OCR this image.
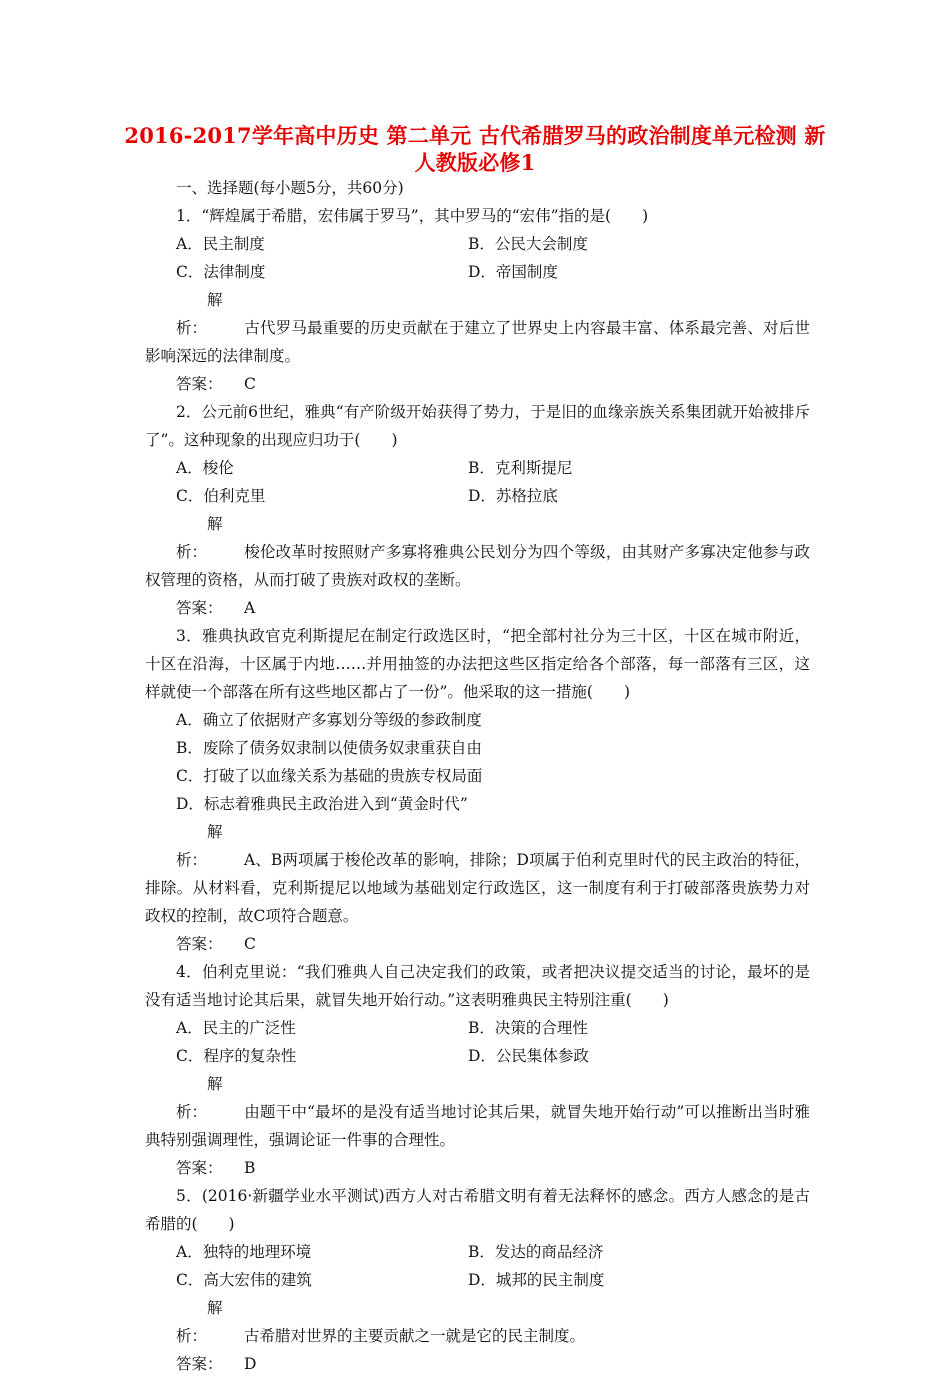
2016-2017学年高中历史 第二单元 古代希腊罗马的政治制度单元检测 新人教版必修1
一、选择题(每小题5分，共60分)
1．“辉煌属于希腊，宏伟属于罗马”，其中罗马的“宏伟”指的是(　　)
A．民主制度	B．公民大会制度
C．法律制度	D．帝国制度
解析： 古代罗马最重要的历史贡献在于建立了世界史上内容最丰富、体系最完善、对后世影响深远的法律制度。
答案： C
2．公元前6世纪，雅典“有产阶级开始获得了势力，于是旧的血缘亲族关系集团就开始被排斥了”。这种现象的出现应归功于(　　)
A．梭伦	B．克利斯提尼
C．伯利克里	D．苏格拉底
解析： 梭伦改革时按照财产多寡将雅典公民划分为四个等级，由其财产多寡决定他参与政权管理的资格，从而打破了贵族对政权的垄断。
答案： A
3．雅典执政官克利斯提尼在制定行政选区时，“把全部村社分为三十区，十区在城市附近，十区在沿海，十区属于内地……并用抽签的办法把这些区指定给各个部落，每一部落有三区，这样就使一个部落在所有这些地区都占了一份”。他采取的这一措施(　　)
A．确立了依据财产多寡划分等级的参政制度
B．废除了债务奴隶制以使债务奴隶重获自由
C．打破了以血缘关系为基础的贵族专权局面
D．标志着雅典民主政治进入到“黄金时代”
解析： A、B两项属于梭伦改革的影响，排除；D项属于伯利克里时代的民主政治的特征，排除。从材料看，克利斯提尼以地域为基础划定行政选区，这一制度有利于打破部落贵族势力对政权的控制，故C项符合题意。
答案： C
4．伯利克里说：“我们雅典人自己决定我们的政策，或者把决议提交适当的讨论，最坏的是没有适当地讨论其后果，就冒失地开始行动。”这表明雅典民主特别注重(　　)
A．民主的广泛性	B．决策的合理性
C．程序的复杂性	D．公民集体参政
解析： 由题干中“最坏的是没有适当地讨论其后果，就冒失地开始行动”可以推断出当时雅典特别强调理性，强调论证一件事的合理性。
答案： B
5．(2016·新疆学业水平测试)西方人对古希腊文明有着无法释怀的感念。西方人感念的是古希腊的(　　)
A．独特的地理环境	B．发达的商品经济
C．高大宏伟的建筑	D．城邦的民主制度
解析： 古希腊对世界的主要贡献之一就是它的民主制度。
答案： D
